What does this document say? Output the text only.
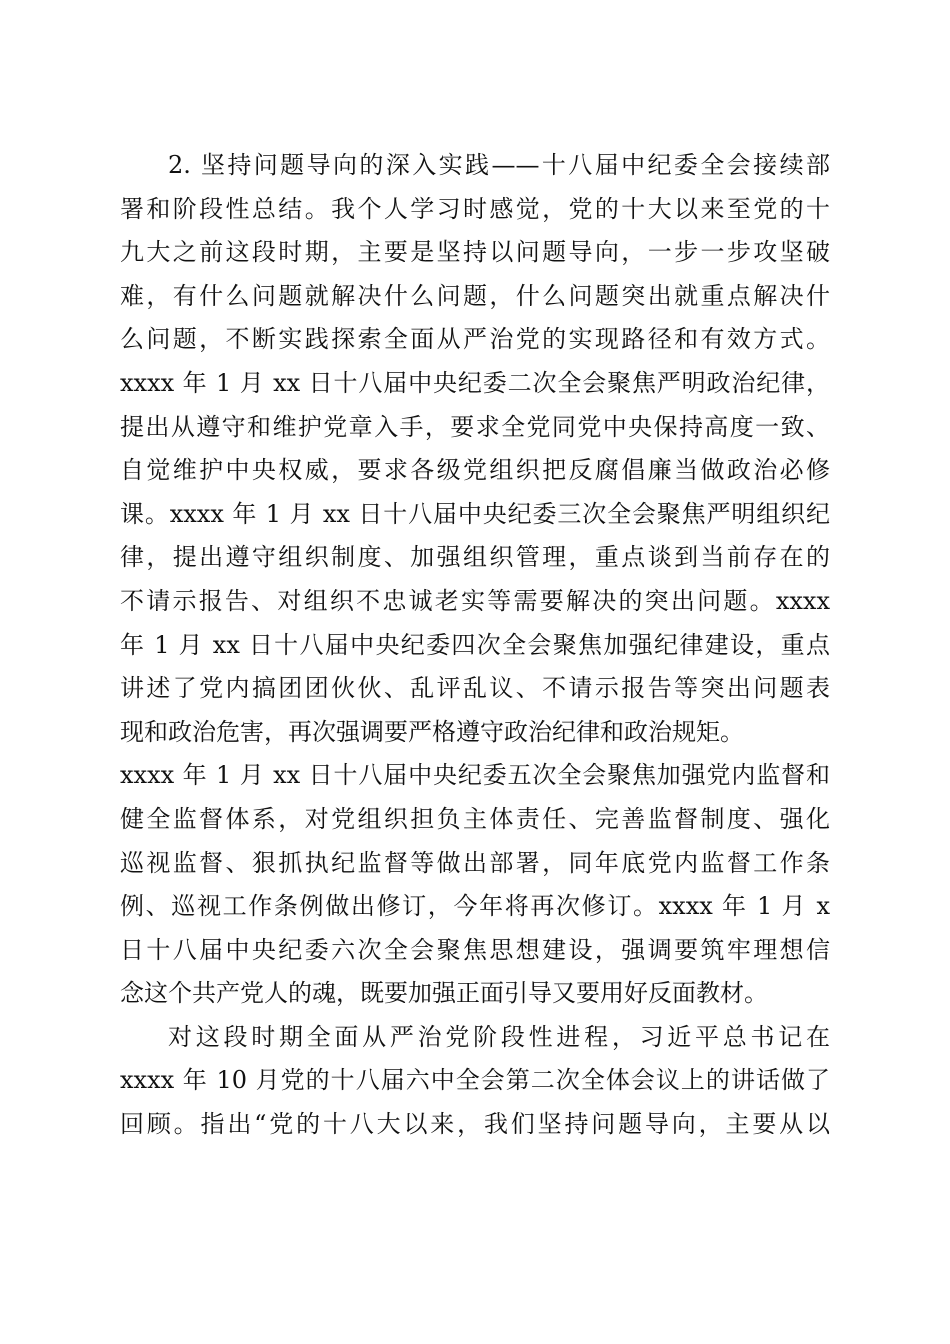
2. 坚持问题导向的深入实践——十八届中纪委全会接续部
署和阶段性总结。我个人学习时感觉，党的十大以来至党的十
九大之前这段时期，主要是坚持以问题导向，一步一步攻坚破
难，有什么问题就解决什么问题，什么问题突出就重点解决什
么问题，不断实践探索全面从严治党的实现路径和有效方式。
xxxx 年 1 月 xx 日十八届中央纪委二次全会聚焦严明政治纪律，
提出从遵守和维护党章入手，要求全党同党中央保持高度一致、
自觉维护中央权威，要求各级党组织把反腐倡廉当做政治必修
课。xxxx 年 1 月 xx 日十八届中央纪委三次全会聚焦严明组织纪
律，提出遵守组织制度、加强组织管理，重点谈到当前存在的
不请示报告、对组织不忠诚老实等需要解决的突出问题。xxxx
年 1 月 xx 日十八届中央纪委四次全会聚焦加强纪律建设，重点
讲述了党内搞团团伙伙、乱评乱议、不请示报告等突出问题表
现和政治危害，再次强调要严格遵守政治纪律和政治规矩。
xxxx 年 1 月 xx 日十八届中央纪委五次全会聚焦加强党内监督和
健全监督体系，对党组织担负主体责任、完善监督制度、强化
巡视监督、狠抓执纪监督等做出部署，同年底党内监督工作条
例、巡视工作条例做出修订，今年将再次修订。xxxx 年 1 月 x
日十八届中央纪委六次全会聚焦思想建设，强调要筑牢理想信
念这个共产党人的魂，既要加强正面引导又要用好反面教材。
对这段时期全面从严治党阶段性进程，习近平总书记在
xxxx 年 10 月党的十八届六中全会第二次全体会议上的讲话做了
回顾。指出“党的十八大以来，我们坚持问题导向，主要从以
